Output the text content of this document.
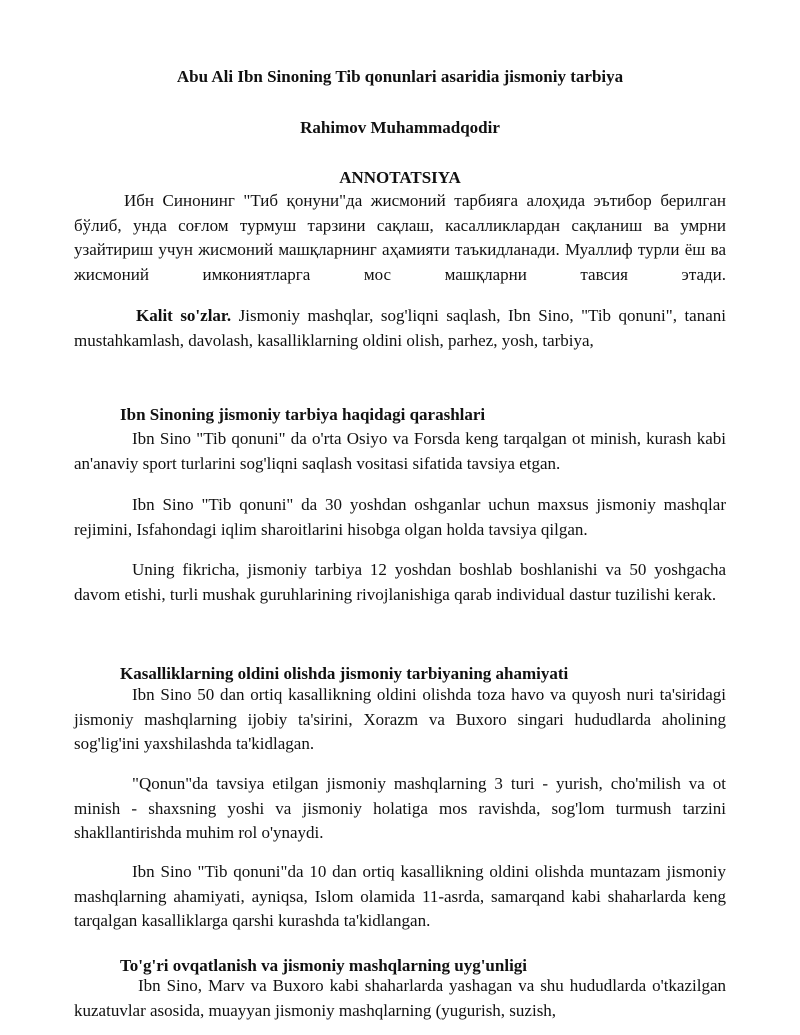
Abu Ali Ibn Sinoning Tib qonunlari asaridia jismoniy tarbiya
Rahimov Muhammadqodir
ANNOTATSIYA

Ибн Синонинг "Тиб қонуни"да жисмоний тарбияга алоҳида эътибор берилган бўлиб, унда соғлом турмуш тарзини сақлаш, касалликлардан сақланиш ва умрни узайтириш учун жисмоний машқларнинг аҳамияти таъкидланади. Муаллиф турли ёш ва жисмоний имкониятларга мос машқларни тавсия этади.

Kalit so'zlar. Jismoniy mashqlar, sog'liqni saqlash, Ibn Sino, "Tib qonuni", tanani mustahkamlash, davolash, kasalliklarning oldini olish, parhez, yosh, tarbiya,

Ibn Sinoning jismoniy tarbiya haqidagi qarashlari

Ibn Sino "Tib qonuni" da o'rta Osiyo va Forsda keng tarqalgan ot minish, kurash kabi an'anaviy sport turlarini sog'liqni saqlash vositasi sifatida tavsiya etgan.

Ibn Sino "Tib qonuni" da 30 yoshdan oshganlar uchun maxsus jismoniy mashqlar rejimini, Isfahondagi iqlim sharoitlarini hisobga olgan holda tavsiya qilgan.

Uning fikricha, jismoniy tarbiya 12 yoshdan boshlab boshlanishi va 50 yoshgacha davom etishi, turli mushak guruhlarining rivojlanishiga qarab individual dastur tuzilishi kerak.

Kasalliklarning oldini olishda jismoniy tarbiyaning ahamiyati

Ibn Sino 50 dan ortiq kasallikning oldini olishda toza havo va quyosh nuri ta'siridagi jismoniy mashqlarning ijobiy ta'sirini, Xorazm va Buxoro singari hududlarda aholining sog'lig'ini yaxshilashda ta'kidlagan.

"Qonun"da tavsiya etilgan jismoniy mashqlarning 3 turi - yurish, cho'milish va ot minish - shaxsning yoshi va jismoniy holatiga mos ravishda, sog'lom turmush tarzini shakllantirishda muhim rol o'ynaydi.

Ibn Sino "Tib qonuni"da 10 dan ortiq kasallikning oldini olishda muntazam jismoniy mashqlarning ahamiyati, ayniqsa, Islom olamida 11-asrda, samarqand kabi shaharlarda keng tarqalgan kasalliklarga qarshi kurashda ta'kidlangan.

To'g'ri ovqatlanish va jismoniy mashqlarning uyg'unligi

Ibn Sino, Marv va Buxoro kabi shaharlarda yashagan va shu hududlarda o'tkazilgan kuzatuvlar asosida, muayyan jismoniy mashqlarning (yugurish, suzish,
